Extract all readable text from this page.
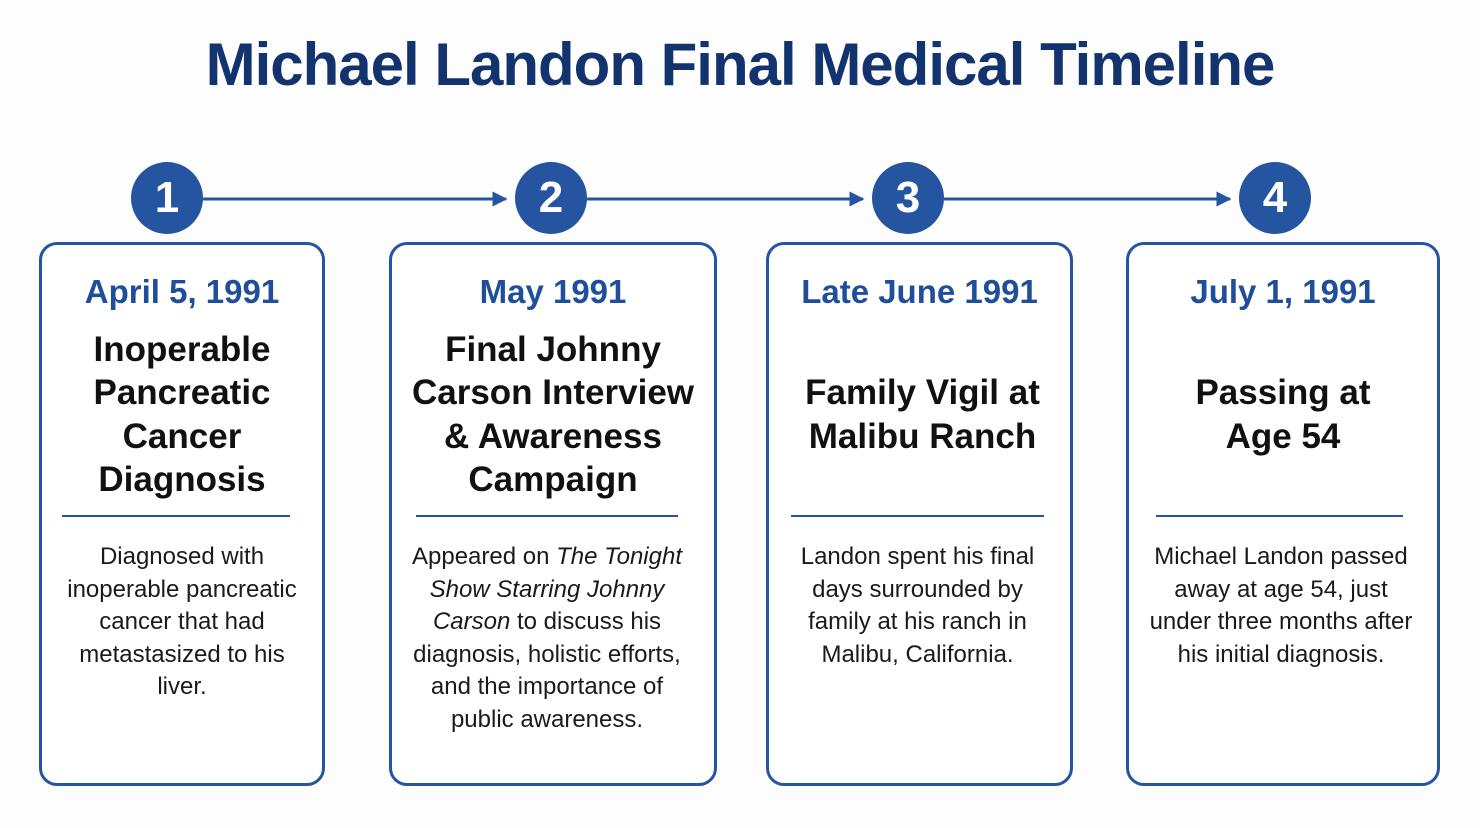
Michael Landon Final Medical Timeline
1
April 5, 1991
Inoperable Pancreatic Cancer Diagnosis
Diagnosed with inoperable pancreatic cancer that had metastasized to his liver.
2
May 1991
Final Johnny Carson Interview & Awareness Campaign
Appeared on The Tonight Show Starring Johnny Carson to discuss his diagnosis, holistic efforts, and the importance of public awareness.
3
Late June 1991
Family Vigil at Malibu Ranch
Landon spent his final days surrounded by family at his ranch in Malibu, California.
4
July 1, 1991
Passing at Age 54
Michael Landon passed away at age 54, just under three months after his initial diagnosis.
